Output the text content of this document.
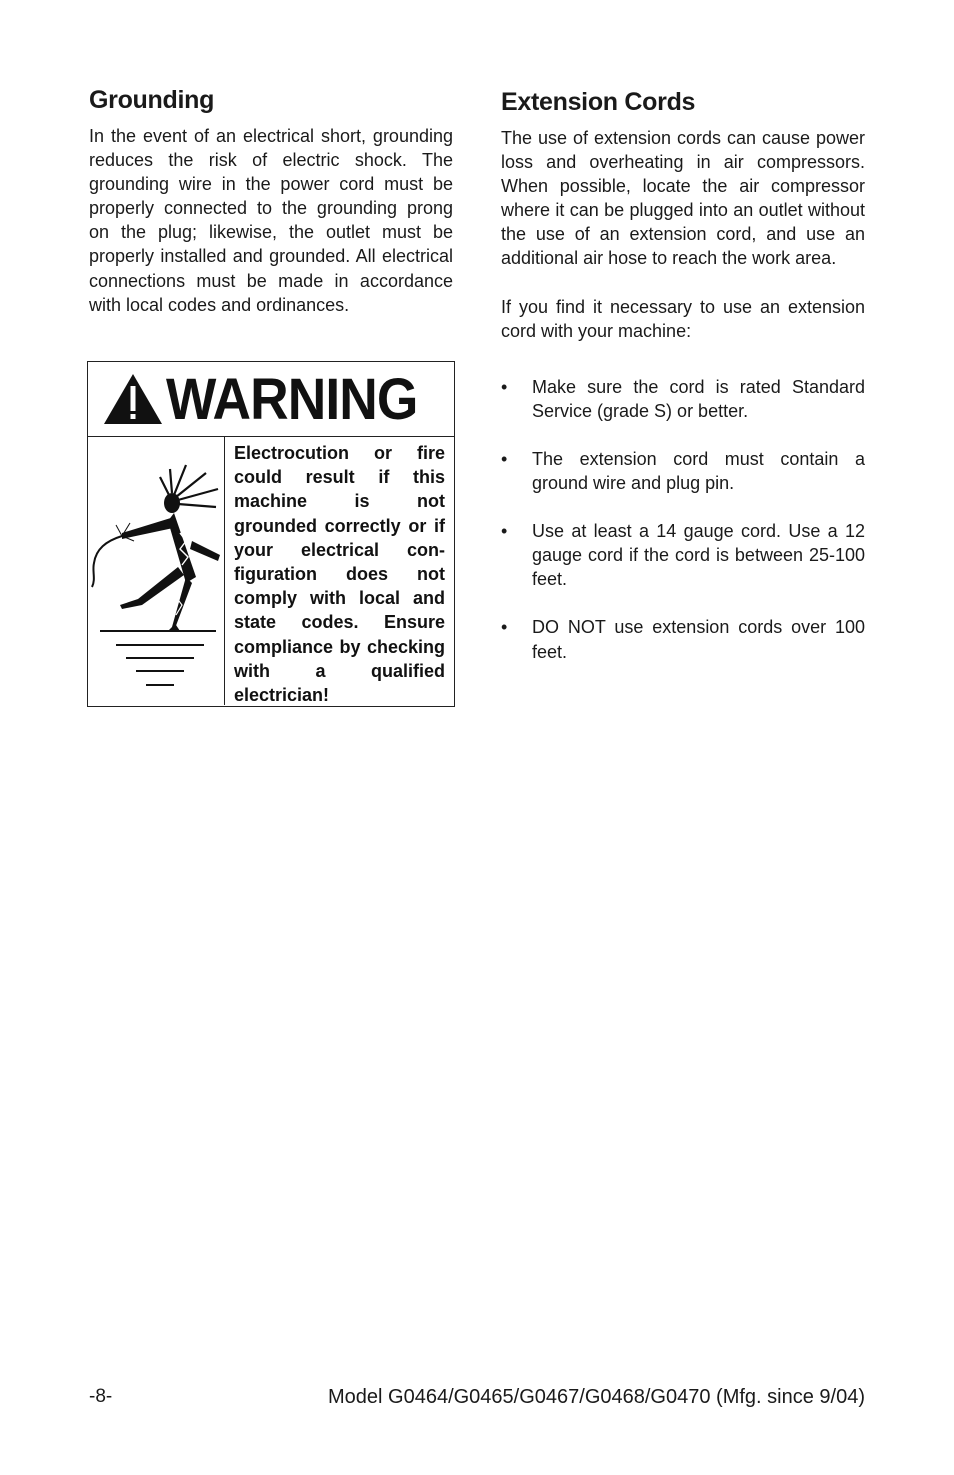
Grounding

In the event of an electrical short, grounding reduces the risk of electric shock. The grounding wire in the power cord must be properly connected to the grounding prong on the plug; likewise, the outlet must be properly installed and grounded. All electrical connections must be made in accordance with local codes and ordinances.

WARNING
Electrocution or fire could result if this machine is not grounded correctly or if your electrical configuration does not comply with local and state codes. Ensure compliance by checking with a qualified electrician!
Extension Cords

The use of extension cords can cause power loss and overheating in air compressors. When possible, locate the air compressor where it can be plugged into an outlet without the use of an extension cord, and use an additional air hose to reach the work area.

If you find it necessary to use an extension cord with your machine:

• Make sure the cord is rated Standard Service (grade S) or better.
• The extension cord must contain a ground wire and plug pin.
• Use at least a 14 gauge cord. Use a 12 gauge cord if the cord is between 25-100 feet.
• DO NOT use extension cords over 100 feet.
-8-	Model G0464/G0465/G0467/G0468/G0470 (Mfg. since 9/04)
